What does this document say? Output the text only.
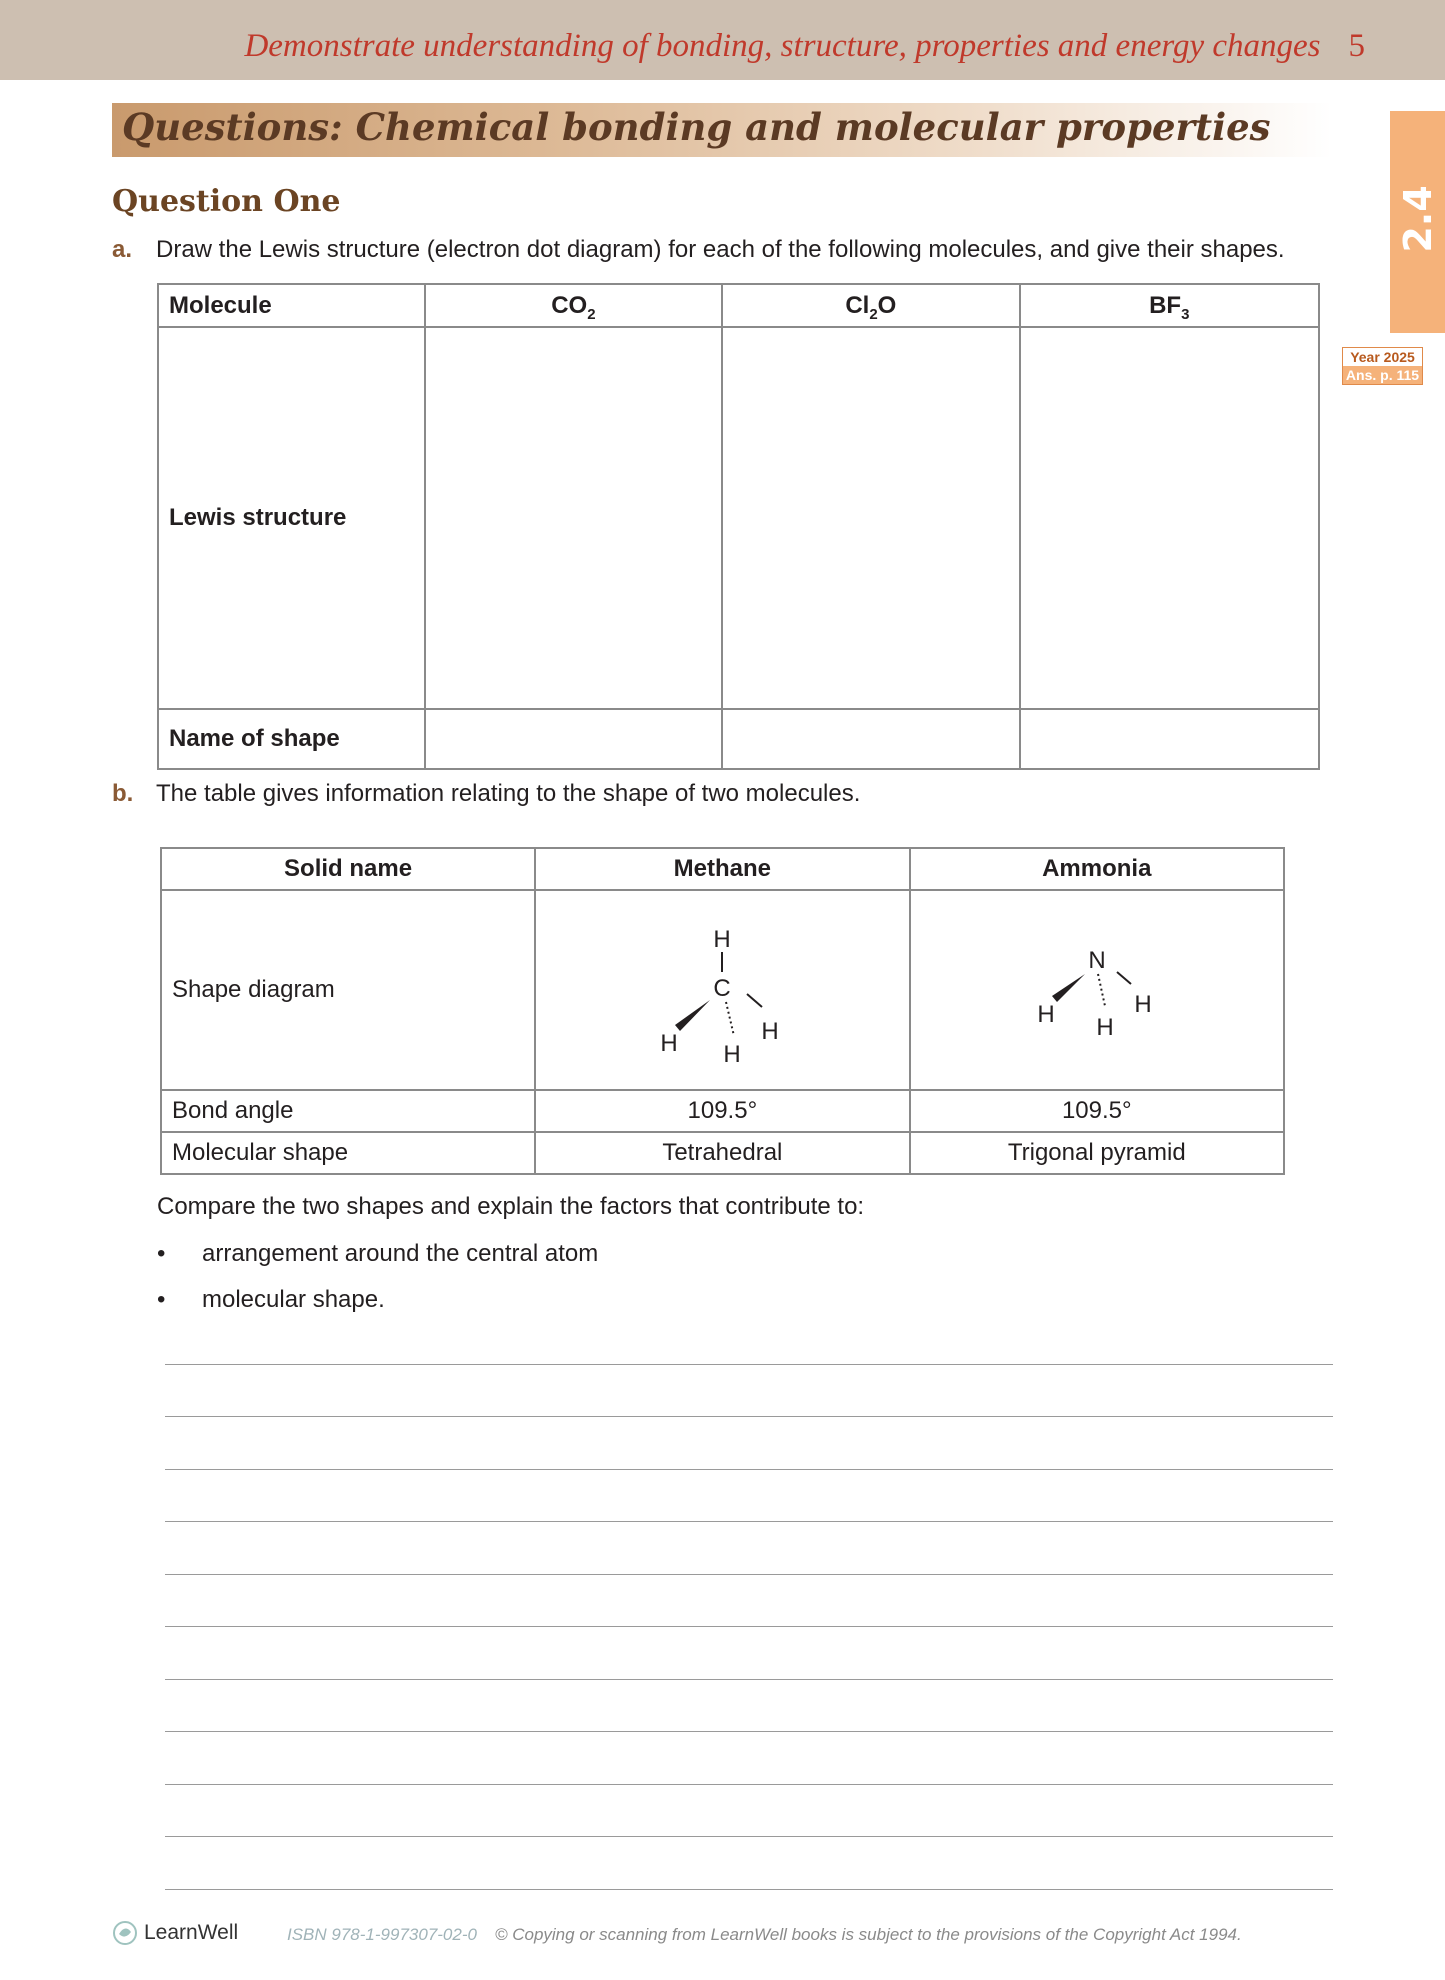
Demonstrate understanding of bonding, structure, properties and energy changes 5
Questions: Chemical bonding and molecular properties
2.4
Year 2025
Ans. p. 115
Question One
a. Draw the Lewis structure (electron dot diagram) for each of the following molecules, and give their shapes.
Molecule	$CO_2$	$Cl_2O$	$BF_3$
Lewis structure			
Name of shape			
b. The table gives information relating to the shape of two molecules.
Solid name	Methane	Ammonia
Shape diagram	H
C
H H
H	N
H H
H

Bond angle	109.5°	109.5°
Molecular shape	Tetrahedral	Trigonal pyramid
Compare the two shapes and explain the factors that contribute to:
• arrangement around the central atom
• molecular shape.
LearnWell	ISBN 978-1-997307-02-0 © Copying or scanning from LearnWell books is subject to the provisions of the Copyright Act 1994.
